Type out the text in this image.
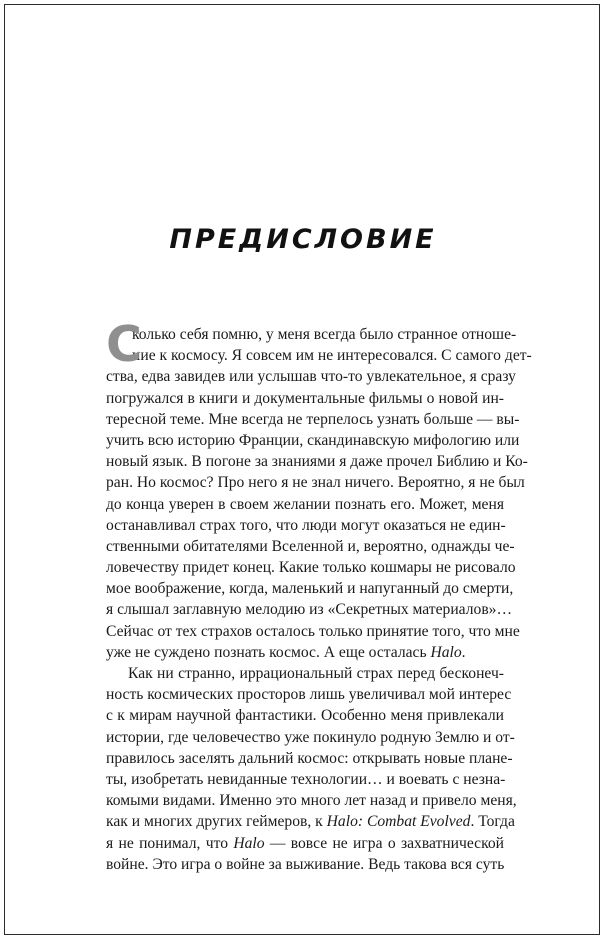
ПРЕДИСЛОВИЕ
С
колько себя помню, у меня всегда было странное отноше-
ние к космосу. Я совсем им не интересовался. С самого дет-
ства, едва завидев или услышав что-то увлекательное, я сразу
погружался в книги и документальные фильмы о новой ин-
тересной теме. Мне всегда не терпелось узнать больше — вы-
учить всю историю Франции, скандинавскую мифологию или
новый язык. В погоне за знаниями я даже прочел Библию и Ко-
ран. Но космос? Про него я не знал ничего. Вероятно, я не был
до конца уверен в своем желании познать его. Может, меня
останавливал страх того, что люди могут оказаться не един-
ственными обитателями Вселенной и, вероятно, однажды че-
ловечеству придет конец. Какие только кошмары не рисовало
мое воображение, когда, маленький и напуганный до смерти,
я слышал заглавную мелодию из «Секретных материалов»…
Сейчас от тех страхов осталось только принятие того, что мне
уже не суждено познать космос. А еще осталась Halo.
Как ни странно, иррациональный страх перед бесконеч-
ность космических просторов лишь увеличивал мой интерес
с к мирам научной фантастики. Особенно меня привлекали
истории, где человечество уже покинуло родную Землю и от-
правилось заселять дальний космос: открывать новые плане-
ты, изобретать невиданные технологии… и воевать с незна-
комыми видами. Именно это много лет назад и привело меня,
как и многих других геймеров, к Halo: Combat Evolved. Тогда
я не понимал, что Halo — вовсе не игра о захватнической
войне. Это игра о войне за выживание. Ведь такова вся суть
